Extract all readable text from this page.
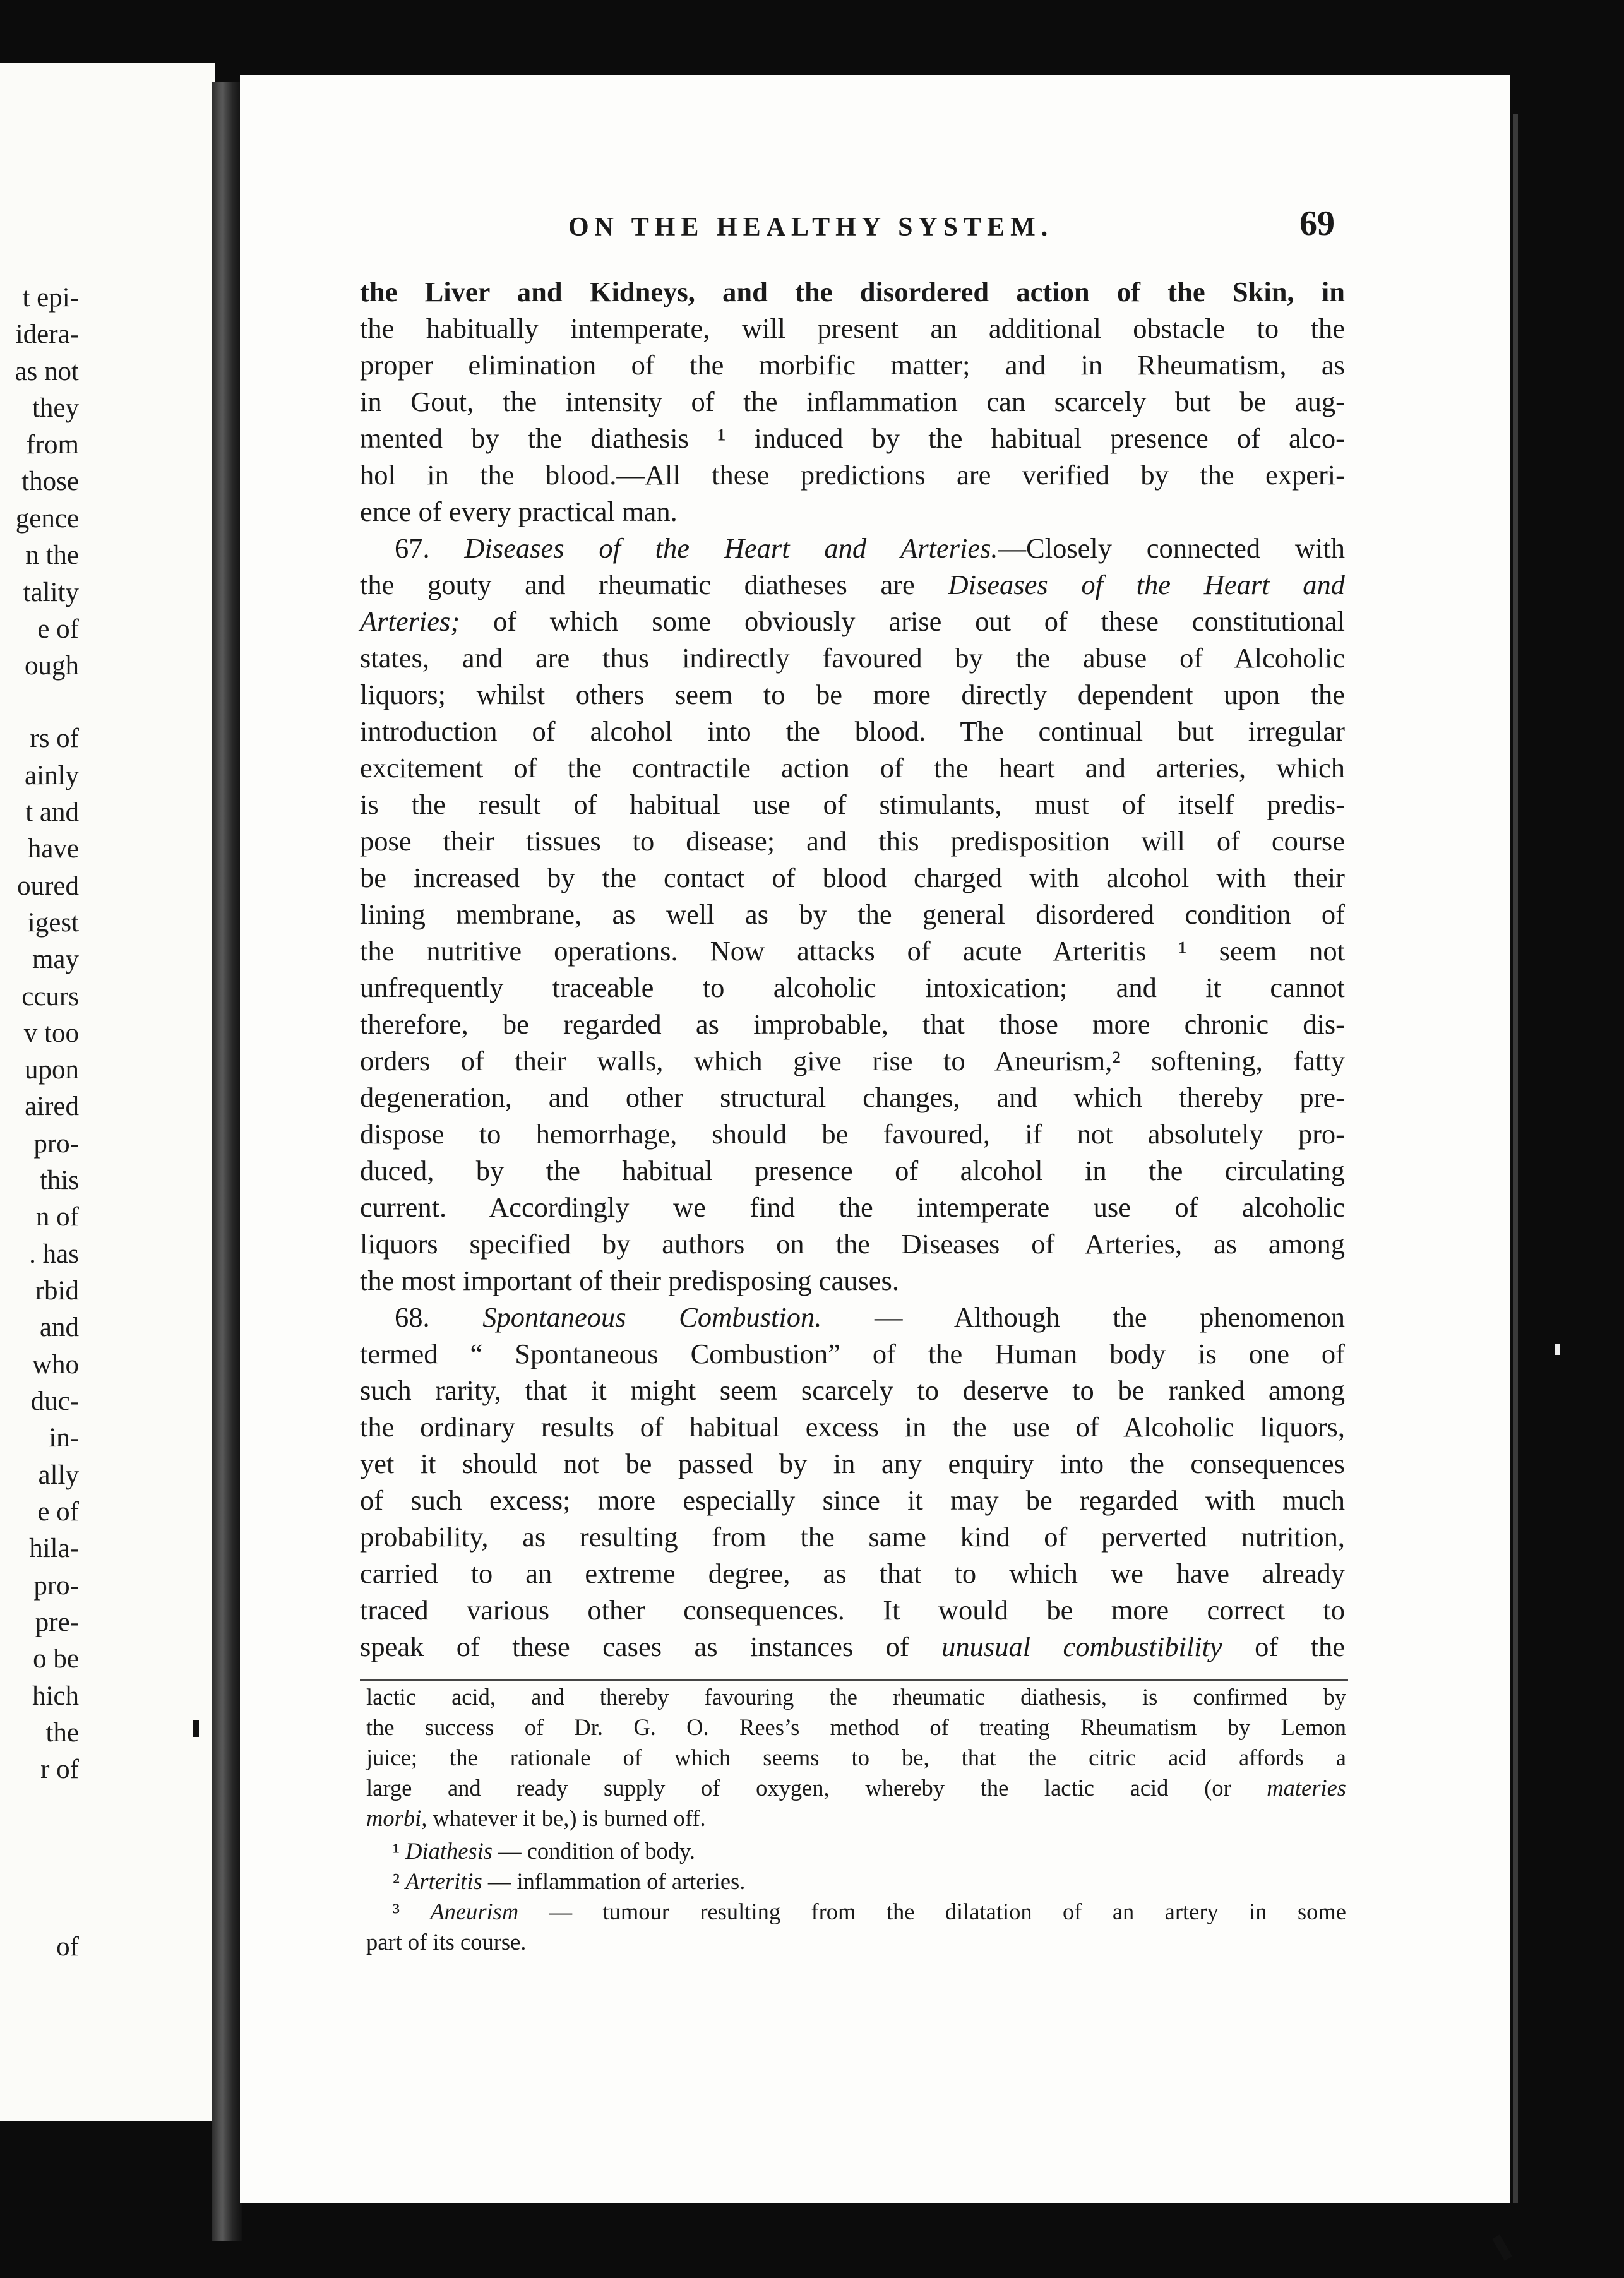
t epi-
idera-
as not
they
from
those
gence
n the
tality
e of
ough
rs of
ainly
t and
have
oured
igest
may
ccurs
v too
upon
aired
pro-
this
n of
. has
rbid
and
who
duc-
in-
ally
e of
hila-
pro-
pre-
o be
hich
the
r of
of
ON THE HEALTHY SYSTEM.	69
the Liver and Kidneys, and the disordered action of the Skin, in
the habitually intemperate, will present an additional obstacle to the
proper elimination of the morbific matter; and in Rheumatism, as
in Gout, the intensity of the inflammation can scarcely but be aug-
mented by the diathesis ¹ induced by the habitual presence of alco-
hol in the blood.—All these predictions are verified by the experi-
ence of every practical man.
67. Diseases of the Heart and Arteries.—Closely connected with
the gouty and rheumatic diatheses are Diseases of the Heart and
Arteries; of which some obviously arise out of these constitutional
states, and are thus indirectly favoured by the abuse of Alcoholic
liquors; whilst others seem to be more directly dependent upon the
introduction of alcohol into the blood. The continual but irregular
excitement of the contractile action of the heart and arteries, which
is the result of habitual use of stimulants, must of itself predis-
pose their tissues to disease; and this predisposition will of course
be increased by the contact of blood charged with alcohol with their
lining membrane, as well as by the general disordered condition of
the nutritive operations. Now attacks of acute Arteritis ¹ seem not
unfrequently traceable to alcoholic intoxication; and it cannot
therefore, be regarded as improbable, that those more chronic dis-
orders of their walls, which give rise to Aneurism,² softening, fatty
degeneration, and other structural changes, and which thereby pre-
dispose to hemorrhage, should be favoured, if not absolutely pro-
duced, by the habitual presence of alcohol in the circulating
current. Accordingly we find the intemperate use of alcoholic
liquors specified by authors on the Diseases of Arteries, as among
the most important of their predisposing causes.
68. Spontaneous Combustion. — Although the phenomenon
termed “ Spontaneous Combustion” of the Human body is one of
such rarity, that it might seem scarcely to deserve to be ranked among
the ordinary results of habitual excess in the use of Alcoholic liquors,
yet it should not be passed by in any enquiry into the consequences
of such excess; more especially since it may be regarded with much
probability, as resulting from the same kind of perverted nutrition,
carried to an extreme degree, as that to which we have already
traced various other consequences. It would be more correct to
speak of these cases as instances of unusual combustibility of the
lactic acid, and thereby favouring the rheumatic diathesis, is confirmed by
the success of Dr. G. O. Rees’s method of treating Rheumatism by Lemon
juice; the rationale of which seems to be, that the citric acid affords a
large and ready supply of oxygen, whereby the lactic acid (or materies
morbi, whatever it be,) is burned off.
¹ Diathesis — condition of body.
² Arteritis — inflammation of arteries.
³ Aneurism — tumour resulting from the dilatation of an artery in some
part of its course.
